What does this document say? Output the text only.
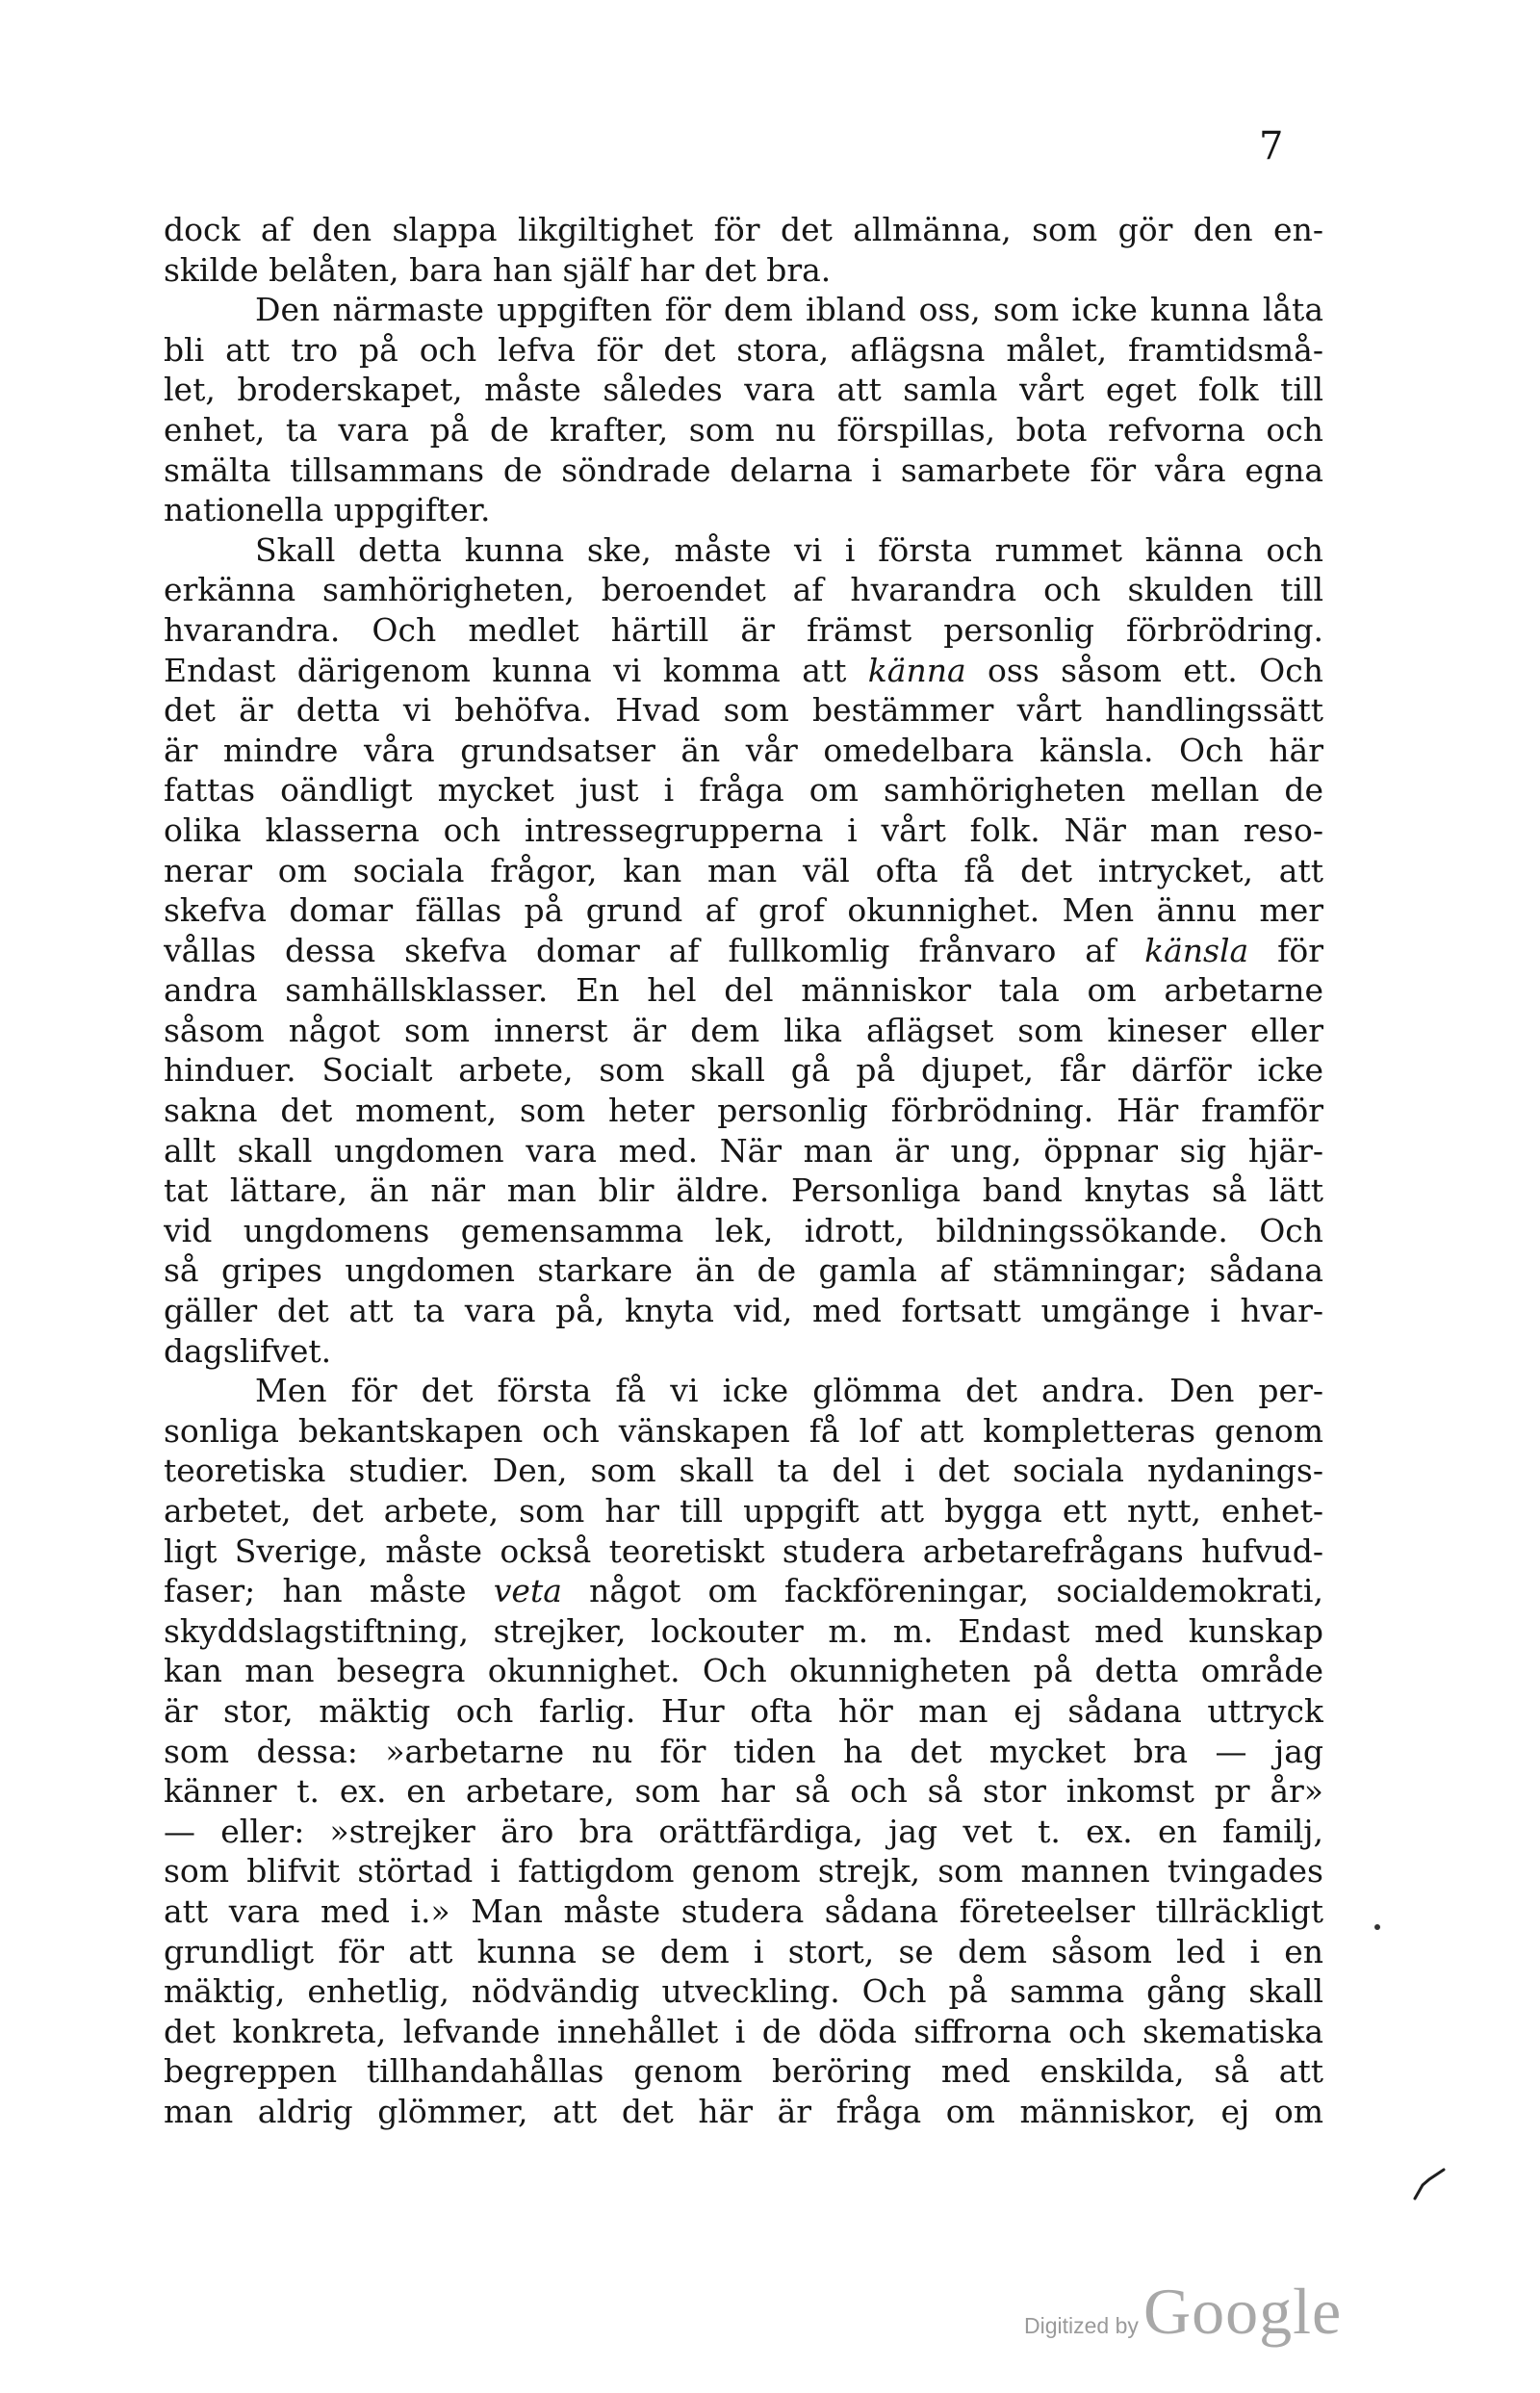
7
dock af den slappa likgiltighet för det allmänna, som gör den en-
skilde belåten, bara han själf har det bra.
Den närmaste uppgiften för dem ibland oss, som icke kunna låta
bli att tro på och lefva för det stora, aflägsna målet, framtidsmå-
let, broderskapet, måste således vara att samla vårt eget folk till
enhet, ta vara på de krafter, som nu förspillas, bota refvorna och
smälta tillsammans de söndrade delarna i samarbete för våra egna
nationella uppgifter.
Skall detta kunna ske, måste vi i första rummet känna och
erkänna samhörigheten, beroendet af hvarandra och skulden till
hvarandra. Och medlet härtill är främst personlig förbrödring.
Endast därigenom kunna vi komma att känna oss såsom ett. Och
det är detta vi behöfva. Hvad som bestämmer vårt handlingssätt
är mindre våra grundsatser än vår omedelbara känsla. Och här
fattas oändligt mycket just i fråga om samhörigheten mellan de
olika klasserna och intressegrupperna i vårt folk. När man reso-
nerar om sociala frågor, kan man väl ofta få det intrycket, att
skefva domar fällas på grund af grof okunnighet. Men ännu mer
vållas dessa skefva domar af fullkomlig frånvaro af känsla för
andra samhällsklasser. En hel del människor tala om arbetarne
såsom något som innerst är dem lika aflägset som kineser eller
hinduer. Socialt arbete, som skall gå på djupet, får därför icke
sakna det moment, som heter personlig förbrödning. Här framför
allt skall ungdomen vara med. När man är ung, öppnar sig hjär-
tat lättare, än när man blir äldre. Personliga band knytas så lätt
vid ungdomens gemensamma lek, idrott, bildningssökande. Och
så gripes ungdomen starkare än de gamla af stämningar; sådana
gäller det att ta vara på, knyta vid, med fortsatt umgänge i hvar-
dagslifvet.
Men för det första få vi icke glömma det andra. Den per-
sonliga bekantskapen och vänskapen få lof att kompletteras genom
teoretiska studier. Den, som skall ta del i det sociala nydanings-
arbetet, det arbete, som har till uppgift att bygga ett nytt, enhet-
ligt Sverige, måste också teoretiskt studera arbetarefrågans hufvud-
faser; han måste veta något om fackföreningar, socialdemokrati,
skyddslagstiftning, strejker, lockouter m. m. Endast med kunskap
kan man besegra okunnighet. Och okunnigheten på detta område
är stor, mäktig och farlig. Hur ofta hör man ej sådana uttryck
som dessa: »arbetarne nu för tiden ha det mycket bra — jag
känner t. ex. en arbetare, som har så och så stor inkomst pr år»
— eller: »strejker äro bra orättfärdiga, jag vet t. ex. en familj,
som blifvit störtad i fattigdom genom strejk, som mannen tvingades
att vara med i.» Man måste studera sådana företeelser tillräckligt
grundligt för att kunna se dem i stort, se dem såsom led i en
mäktig, enhetlig, nödvändig utveckling. Och på samma gång skall
det konkreta, lefvande innehållet i de döda siffrorna och skematiska
begreppen tillhandahållas genom beröring med enskilda, så att
man aldrig glömmer, att det här är fråga om människor, ej om
Digitized by Google
